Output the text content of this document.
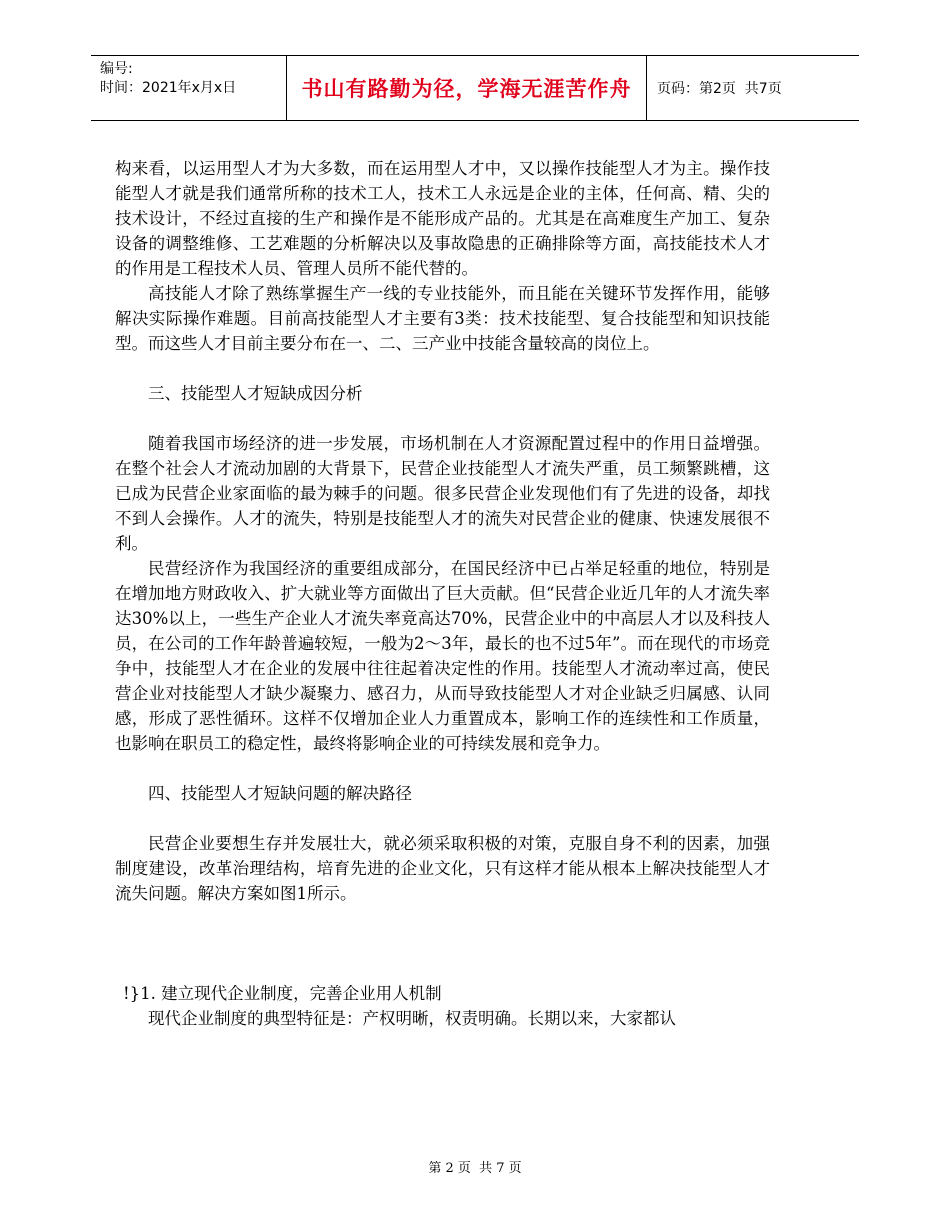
编号:
时间：2021年x月x日	书山有路勤为径，学海无涯苦作舟	页码：第2页  共7页

构来看，以运用型人才为大多数，而在运用型人才中，又以操作技能型人才为主。操作技能型人才就是我们通常所称的技术工人，技术工人永远是企业的主体，任何高、精、尖的技术设计，不经过直接的生产和操作是不能形成产品的。尤其是在高难度生产加工、复杂设备的调整维修、工艺难题的分析解决以及事故隐患的正确排除等方面，高技能技术人才的作用是工程技术人员、管理人员所不能代替的。

高技能人才除了熟练掌握生产一线的专业技能外，而且能在关键环节发挥作用，能够解决实际操作难题。目前高技能型人才主要有3类：技术技能型、复合技能型和知识技能型。而这些人才目前主要分布在一、二、三产业中技能含量较高的岗位上。

三、技能型人才短缺成因分析

随着我国市场经济的进一步发展，市场机制在人才资源配置过程中的作用日益增强。在整个社会人才流动加剧的大背景下，民营企业技能型人才流失严重，员工频繁跳槽，这已成为民营企业家面临的最为棘手的问题。很多民营企业发现他们有了先进的设备，却找不到人会操作。人才的流失，特别是技能型人才的流失对民营企业的健康、快速发展很不利。

民营经济作为我国经济的重要组成部分，在国民经济中已占举足轻重的地位，特别是在增加地方财政收入、扩大就业等方面做出了巨大贡献。但“民营企业近几年的人才流失率达30%以上，一些生产企业人才流失率竟高达70%，民营企业中的中高层人才以及科技人员，在公司的工作年龄普遍较短，一般为2～3年，最长的也不过5年”。而在现代的市场竞争中，技能型人才在企业的发展中往往起着决定性的作用。技能型人才流动率过高，使民营企业对技能型人才缺少凝聚力、感召力，从而导致技能型人才对企业缺乏归属感、认同感，形成了恶性循环。这样不仅增加企业人力重置成本，影响工作的连续性和工作质量，也影响在职员工的稳定性，最终将影响企业的可持续发展和竞争力。

四、技能型人才短缺问题的解决路径

民营企业要想生存并发展壮大，就必须采取积极的对策，克服自身不利的因素，加强制度建设，改革治理结构，培育先进的企业文化，只有这样才能从根本上解决技能型人才流失问题。解决方案如图1所示。

!}1. 建立现代企业制度，完善企业用人机制

现代企业制度的典型特征是：产权明晰，权责明确。长期以来，大家都认

第 2 页  共 7 页
